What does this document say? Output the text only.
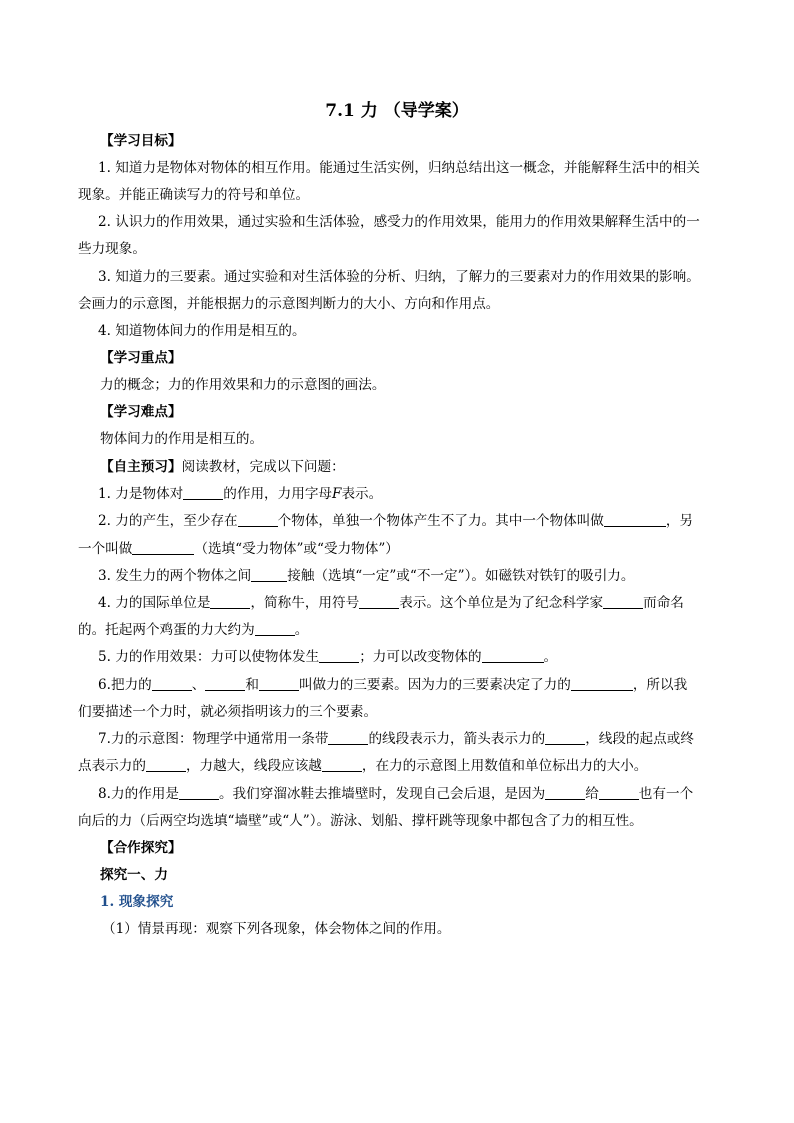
7.1 力 （导学案）
【学习目标】
1. 知道力是物体对物体的相互作用。能通过生活实例，归纳总结出这一概念，并能解释生活中的相关
现象。并能正确读写力的符号和单位。
2. 认识力的作用效果，通过实验和生活体验，感受力的作用效果，能用力的作用效果解释生活中的一
些力现象。
3. 知道力的三要素。通过实验和对生活体验的分析、归纳，了解力的三要素对力的作用效果的影响。
会画力的示意图，并能根据力的示意图判断力的大小、方向和作用点。
4. 知道物体间力的作用是相互的。
【学习重点】
力的概念；力的作用效果和力的示意图的画法。
【学习难点】
物体间力的作用是相互的。
【自主预习】阅读教材，完成以下问题：
1. 力是物体对	的作用，力用字母F表示。
2. 力的产生，至少存在	个物体，单独一个物体产生不了力。其中一个物体叫做	，另
一个叫做	（选填“受力物体”或“受力物体”）
3. 发生力的两个物体之间	接触（选填“一定”或“不一定”）。如磁铁对铁钉的吸引力。
4. 力的国际单位是	，简称牛，用符号	表示。这个单位是为了纪念科学家	而命名
的。托起两个鸡蛋的力大约为	。
5. 力的作用效果：力可以使物体发生	；力可以改变物体的	。
6.把力的	、	和	叫做力的三要素。因为力的三要素决定了力的	，所以我
们要描述一个力时，就必须指明该力的三个要素。
7.力的示意图：物理学中通常用一条带	的线段表示力，箭头表示力的	，线段的起点或终
点表示力的	，力越大，线段应该越	，在力的示意图上用数值和单位标出力的大小。
8.力的作用是	。我们穿溜冰鞋去推墙壁时，发现自己会后退，是因为	给	也有一个
向后的力（后两空均选填“墙壁”或“人”）。游泳、划船、撑杆跳等现象中都包含了力的相互性。
【合作探究】
探究一、力
1. 现象探究
（1）情景再现：观察下列各现象，体会物体之间的作用。
